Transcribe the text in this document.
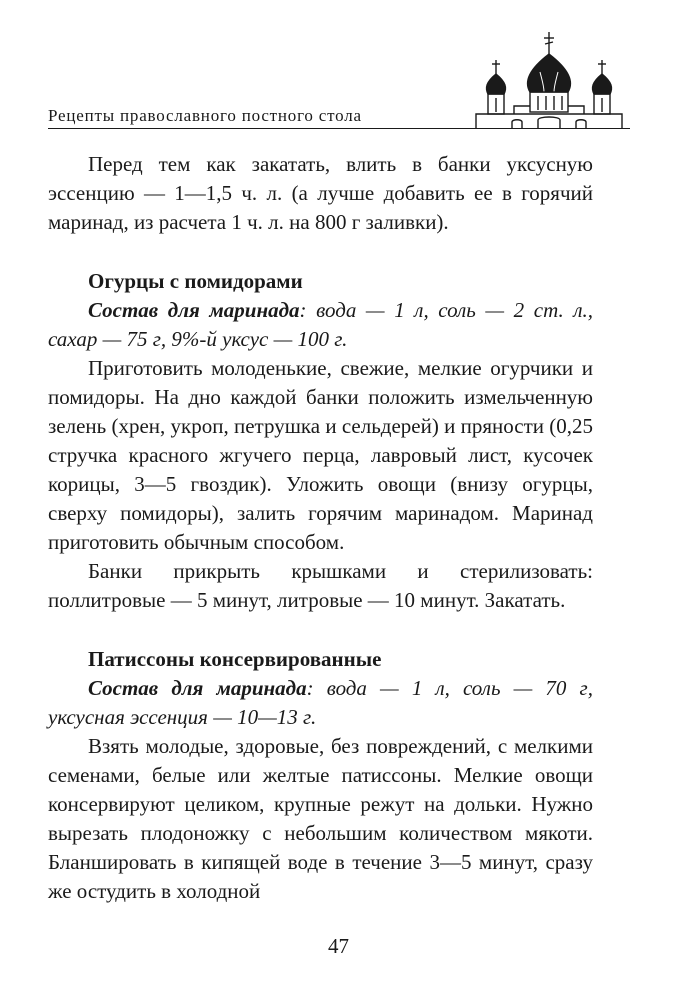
Рецепты православного постного стола

Перед тем как закатать, влить в банки уксусную эссенцию — 1—1,5 ч. л. (а лучше добавить ее в горячий маринад, из расчета 1 ч. л. на 800 г заливки).

Огурцы с помидорами

Состав для маринада: вода — 1 л, соль — 2 ст. л., сахар — 75 г, 9%-й уксус — 100 г.

Приготовить молоденькие, свежие, мелкие огурчики и помидоры. На дно каждой банки положить измельченную зелень (хрен, укроп, петрушка и сельдерей) и пряности (0,25 стручка красного жгучего перца, лавровый лист, кусочек корицы, 3—5 гвоздик). Уложить овощи (внизу огурцы, сверху помидоры), залить горячим маринадом. Маринад приготовить обычным способом.

Банки прикрыть крышками и стерилизовать: поллитровые — 5 минут, литровые — 10 минут. Закатать.

Патиссоны консервированные

Состав для маринада: вода — 1 л, соль — 70 г, уксусная эссенция — 10—13 г.

Взять молодые, здоровые, без повреждений, с мелкими семенами, белые или желтые патиссоны. Мелкие овощи консервируют целиком, крупные режут на дольки. Нужно вырезать плодоножку с небольшим количеством мякоти. Бланшировать в кипящей воде в течение 3—5 минут, сразу же остудить в холодной

47
